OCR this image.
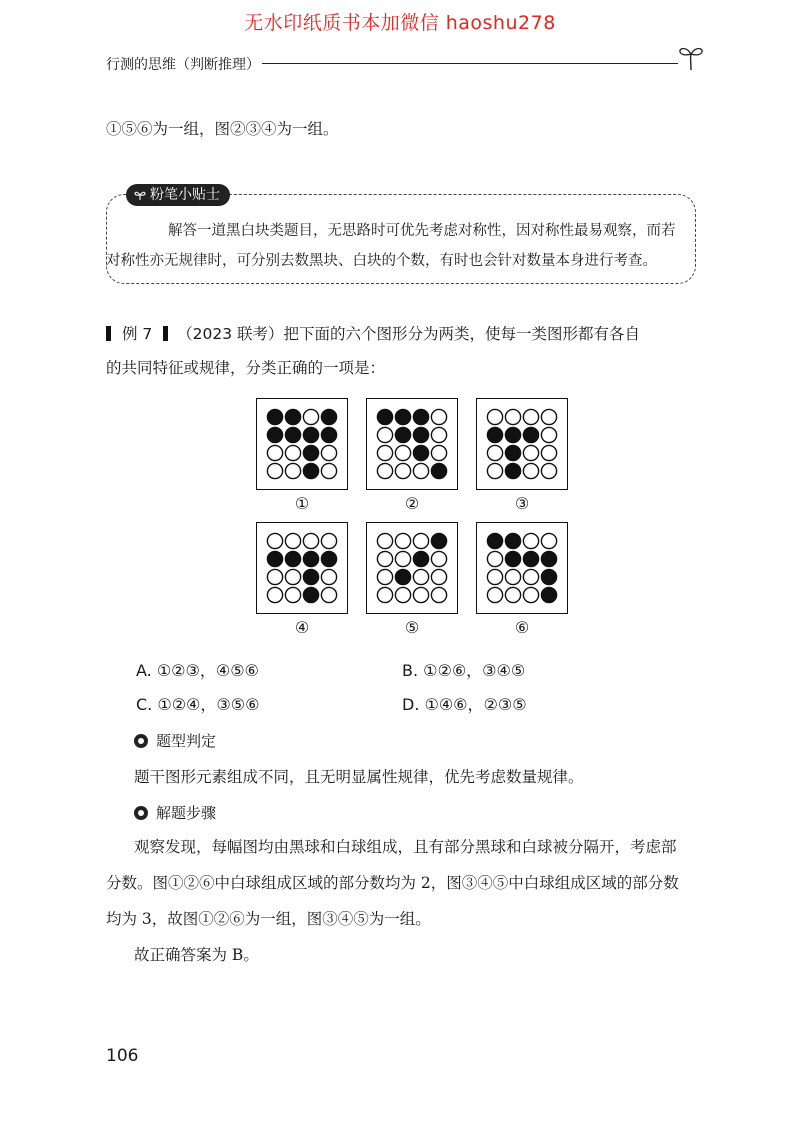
无水印纸质书本加微信 haoshu278
行测的思维（判断推理）
①⑤⑥为一组，图②③④为一组。
粉笔小贴士
解答一道黑白块类题目，无思路时可优先考虑对称性，因对称性最易观察，而若
对称性亦无规律时，可分别去数黑块、白块的个数，有时也会针对数量本身进行考查。
例 7 （2023 联考）把下面的六个图形分为两类，使每一类图形都有各自
的共同特征或规律，分类正确的一项是：
①	②	③
④	⑤	⑥
A. ①②③，④⑤⑥	B. ①②⑥，③④⑤
C. ①②④，③⑤⑥	D. ①④⑥，②③⑤
题型判定
题干图形元素组成不同，且无明显属性规律，优先考虑数量规律。
解题步骤
观察发现，每幅图均由黑球和白球组成，且有部分黑球和白球被分隔开，考虑部
分数。图①②⑥中白球组成区域的部分数均为 2，图③④⑤中白球组成区域的部分数
均为 3，故图①②⑥为一组，图③④⑤为一组。
故正确答案为 B。
106
